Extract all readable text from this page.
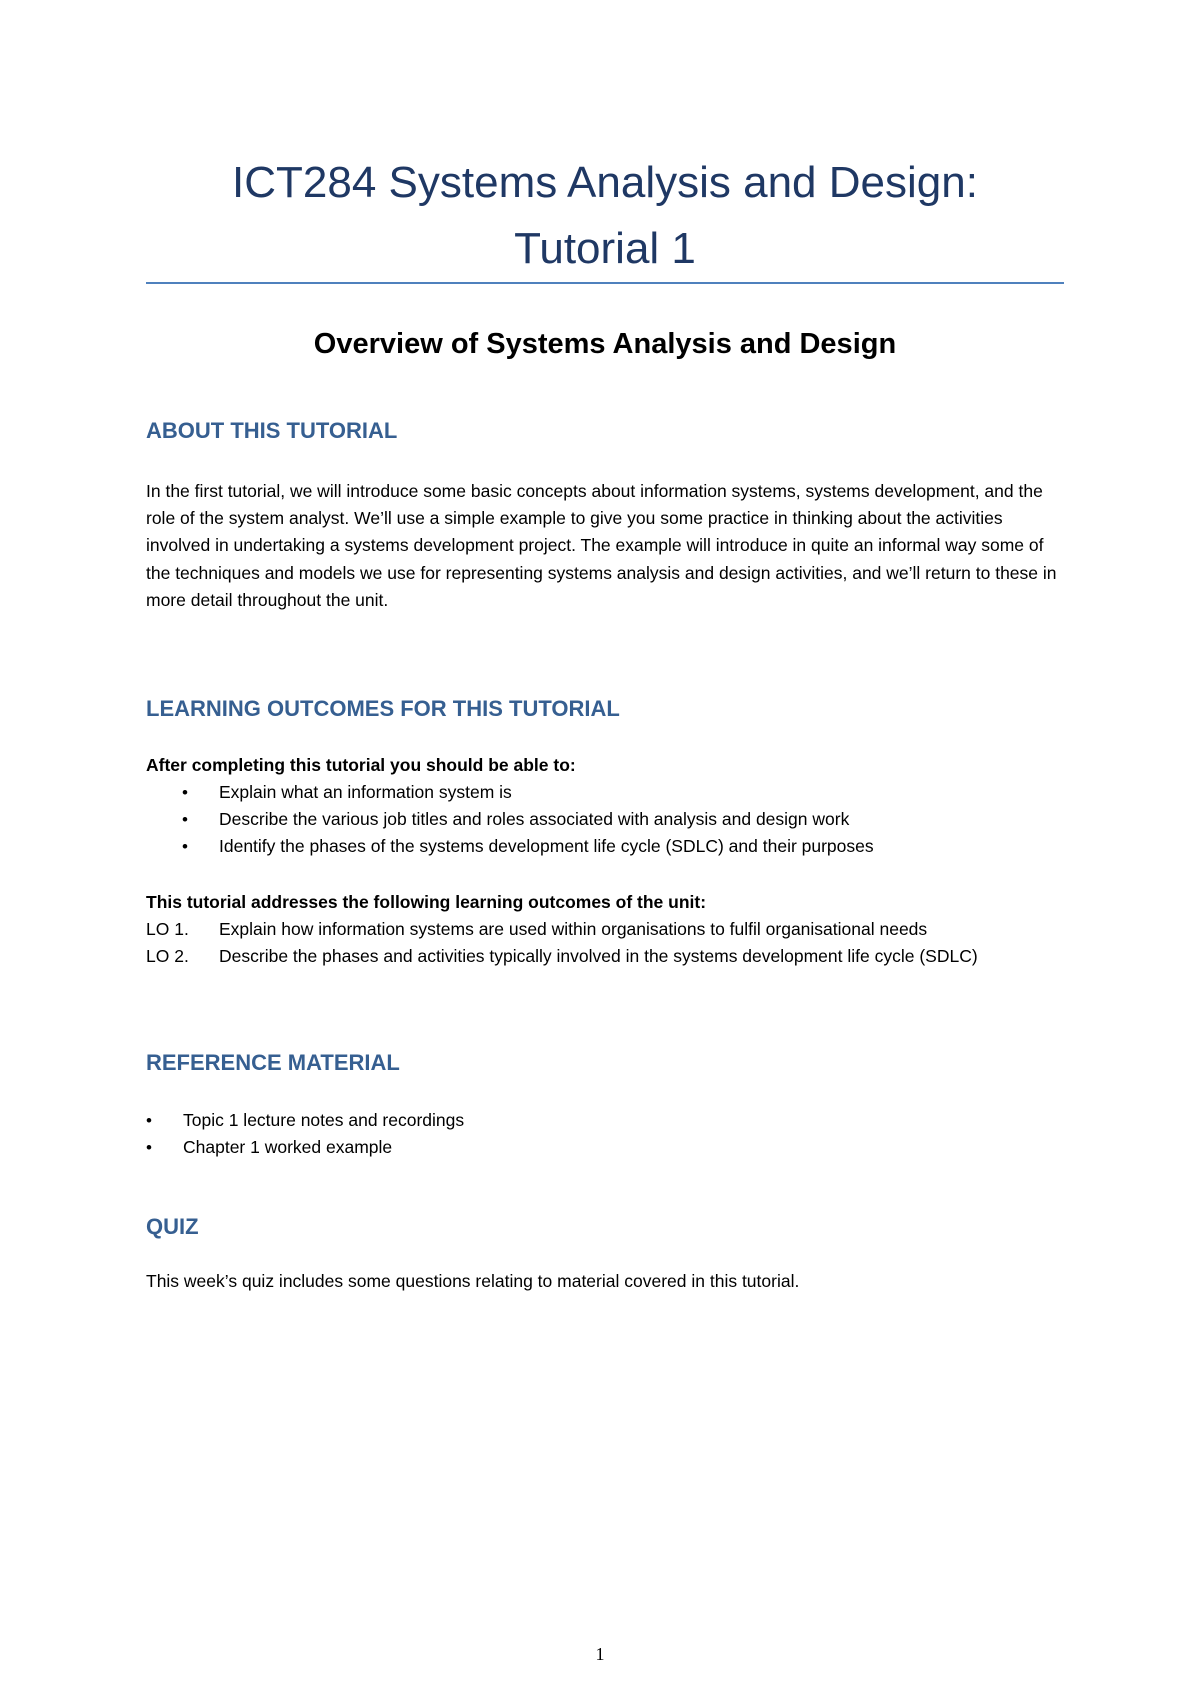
ICT284 Systems Analysis and Design:
Tutorial 1
Overview of Systems Analysis and Design
ABOUT THIS TUTORIAL

In the first tutorial, we will introduce some basic concepts about information systems, systems development, and the role of the system analyst. We’ll use a simple example to give you some practice in thinking about the activities involved in undertaking a systems development project. The example will introduce in quite an informal way some of the techniques and models we use for representing systems analysis and design activities, and we’ll return to these in more detail throughout the unit.

LEARNING OUTCOMES FOR THIS TUTORIAL

After completing this tutorial you should be able to:

• Explain what an information system is
• Describe the various job titles and roles associated with analysis and design work
• Identify the phases of the systems development life cycle (SDLC) and their purposes

This tutorial addresses the following learning outcomes of the unit:

LO 1. Explain how information systems are used within organisations to fulfil organisational needs
LO 2. Describe the phases and activities typically involved in the systems development life cycle (SDLC)
REFERENCE MATERIAL
• Topic 1 lecture notes and recordings
• Chapter 1 worked example
QUIZ

This week’s quiz includes some questions relating to material covered in this tutorial.

1
